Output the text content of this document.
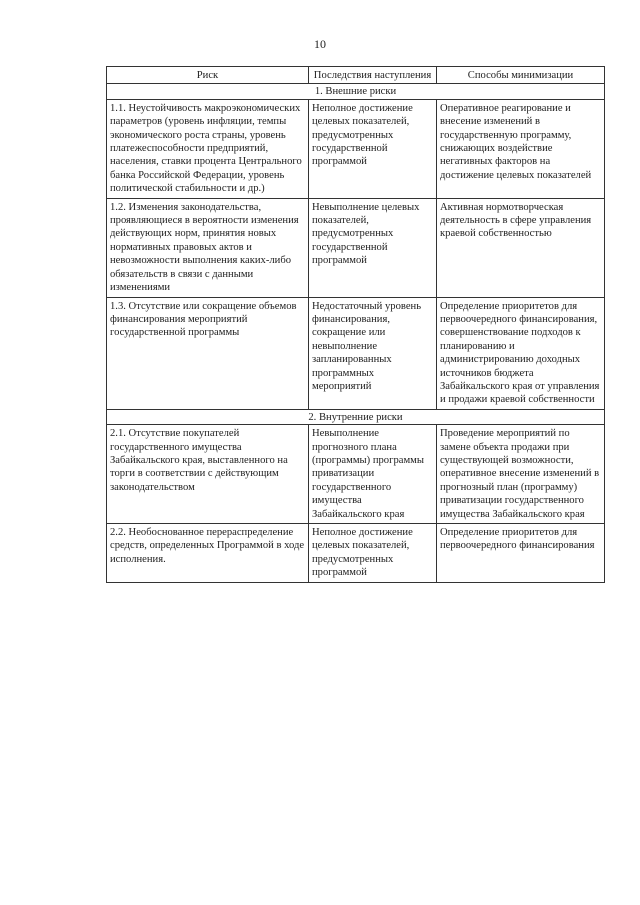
10
Риск	Последствия наступления	Способы минимизации
1. Внешние риски		
1.1. Неустойчивость макроэкономических параметров (уровень инфляции, темпы экономического роста страны, уровень платежеспособности предприятий, населения, ставки процента Центрального банка Российской Федерации, уровень политической стабильности и др.)	Неполное достижение целевых показателей, предусмотренных государственной программой	Оперативное реагирование и внесение изменений в государственную программу, снижающих воздействие негативных факторов на достижение целевых показателей
1.2. Изменения законодательства, проявляющиеся в вероятности изменения действующих норм, принятия новых нормативных правовых актов и невозможности выполнения каких-либо обязательств в связи с данными изменениями	Невыполнение целевых показателей, предусмотренных государственной программой	Активная нормотворческая деятельность в сфере управления краевой собственностью
1.3. Отсутствие или сокращение объемов финансирования мероприятий государственной программы	Недостаточный уровень финансирования, сокращение или невыполнение запланированных программных мероприятий	Определение приоритетов для первоочередного финансирования, совершенствование подходов к планированию и администрированию доходных источников бюджета Забайкальского края от управления и продажи краевой собственности
2. Внутренние риски		
2.1. Отсутствие покупателей государственного имущества Забайкальского края, выставленного на торги в соответствии с действующим законодательством	Невыполнение прогнозного плана (программы) программы приватизации государственного имущества Забайкальского края	Проведение мероприятий по замене объекта продажи при существующей возможности, оперативное внесение изменений в прогнозный план (программу) приватизации государственного имущества Забайкальского края
2.2. Необоснованное перераспределение средств, определенных Программой в ходе исполнения.	Неполное достижение целевых показателей, предусмотренных программой	Определение приоритетов для первоочередного финансирования
